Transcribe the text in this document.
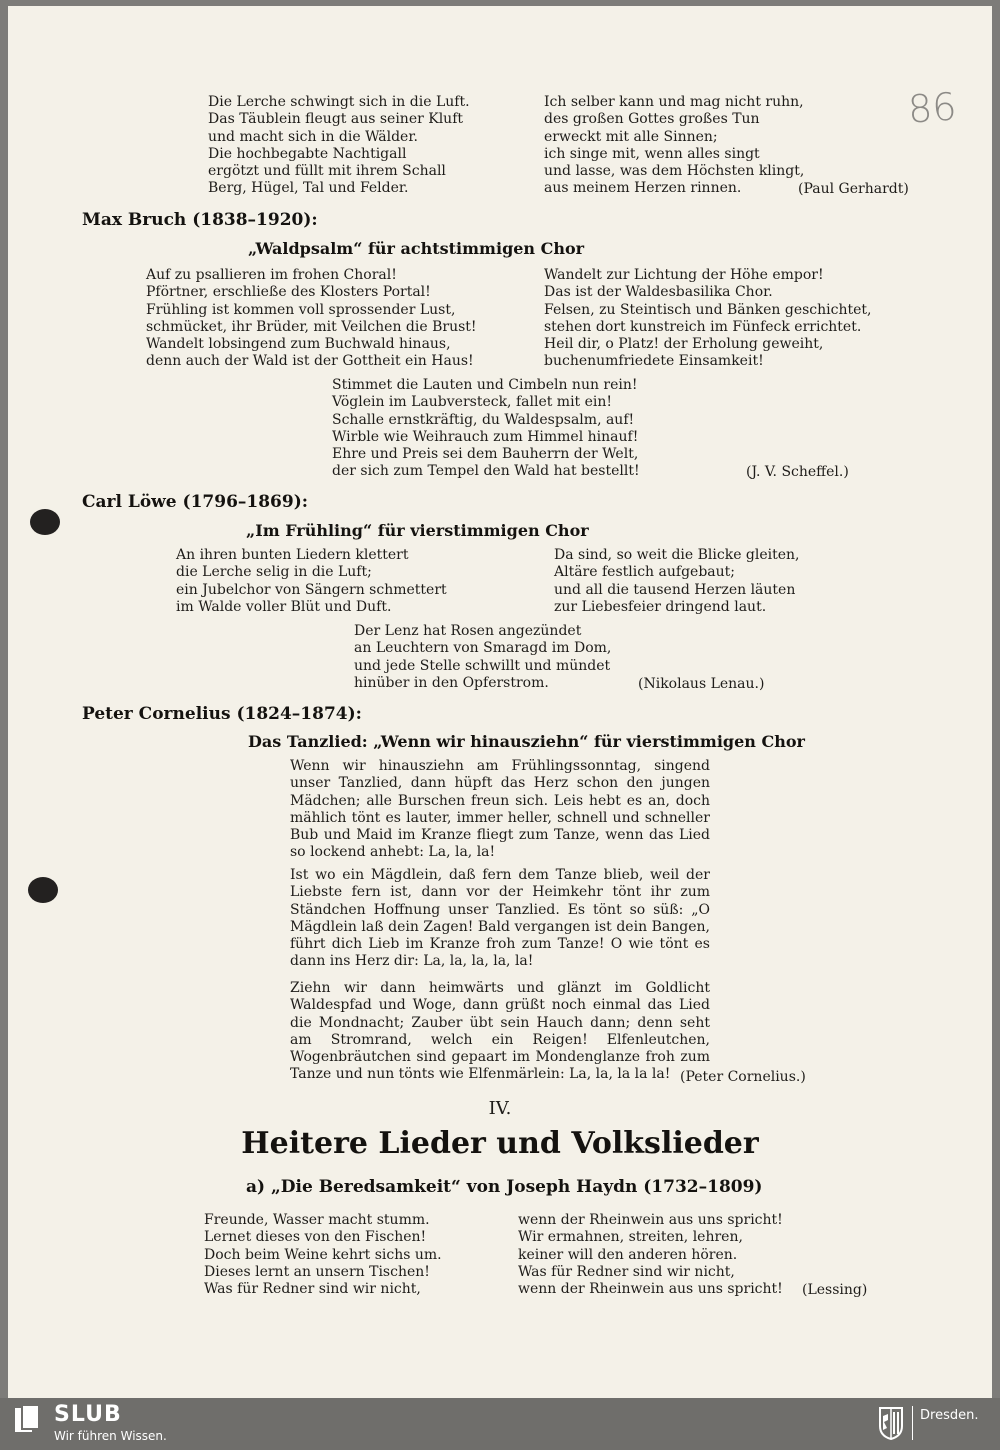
86
Die Lerche schwingt sich in die Luft.
Das Täublein fleugt aus seiner Kluft
und macht sich in die Wälder.
Die hochbegabte Nachtigall
ergötzt und füllt mit ihrem Schall
Berg, Hügel, Tal und Felder.
Ich selber kann und mag nicht ruhn,
des großen Gottes großes Tun
erweckt mit alle Sinnen;
ich singe mit, wenn alles singt
und lasse, was dem Höchsten klingt,
aus meinem Herzen rinnen.	(Paul Gerhardt)
Max Bruch (1838–1920):
„Waldpsalm“ für achtstimmigen Chor
Auf zu psallieren im frohen Choral!
Pförtner, erschließe des Klosters Portal!
Frühling ist kommen voll sprossender Lust,
schmücket, ihr Brüder, mit Veilchen die Brust!
Wandelt lobsingend zum Buchwald hinaus,
denn auch der Wald ist der Gottheit ein Haus!
Wandelt zur Lichtung der Höhe empor!
Das ist der Waldesbasilika Chor.
Felsen, zu Steintisch und Bänken geschichtet,
stehen dort kunstreich im Fünfeck errichtet.
Heil dir, o Platz! der Erholung geweiht,
buchenumfriedete Einsamkeit!
Stimmet die Lauten und Cimbeln nun rein!
Vöglein im Laubversteck, fallet mit ein!
Schalle ernstkräftig, du Waldespsalm, auf!
Wirble wie Weihrauch zum Himmel hinauf!
Ehre und Preis sei dem Bauherrn der Welt,
der sich zum Tempel den Wald hat bestellt!	(J. V. Scheffel.)
Carl Löwe (1796–1869):
„Im Frühling“ für vierstimmigen Chor
An ihren bunten Liedern klettert
die Lerche selig in die Luft;
ein Jubelchor von Sängern schmettert
im Walde voller Blüt und Duft.
Da sind, so weit die Blicke gleiten,
Altäre festlich aufgebaut;
und all die tausend Herzen läuten
zur Liebesfeier dringend laut.
Der Lenz hat Rosen angezündet
an Leuchtern von Smaragd im Dom,
und jede Stelle schwillt und mündet
hinüber in den Opferstrom.	(Nikolaus Lenau.)
Peter Cornelius (1824–1874):
Das Tanzlied: „Wenn wir hinausziehn“ für vierstimmigen Chor

Wenn wir hinausziehn am Frühlingssonntag, singend unser Tanzlied, dann hüpft das Herz schon den jungen Mädchen; alle Burschen freun sich. Leis hebt es an, doch mählich tönt es lauter, immer heller, schnell und schneller Bub und Maid im Kranze fliegt zum Tanze, wenn das Lied so lockend anhebt: La, la, la!

Ist wo ein Mägdlein, daß fern dem Tanze blieb, weil der Liebste fern ist, dann vor der Heimkehr tönt ihr zum Ständchen Hoffnung unser Tanzlied. Es tönt so süß: „O Mägdlein laß dein Zagen! Bald vergangen ist dein Bangen, führt dich Lieb im Kranze froh zum Tanze! O wie tönt es dann ins Herz dir: La, la, la, la, la!

Ziehn wir dann heimwärts und glänzt im Goldlicht Waldespfad und Woge, dann grüßt noch einmal das Lied die Mondnacht; Zauber übt sein Hauch dann; denn seht am Stromrand, welch ein Reigen! Elfenleutchen, Wogenbräutchen sind gepaart im Mondenglanze froh zum Tanze und nun tönts wie Elfenmärlein: La, la, la la la! (Peter Cornelius.)
IV.
Heitere Lieder und Volkslieder
a) „Die Beredsamkeit“ von Joseph Haydn (1732–1809)
Freunde, Wasser macht stumm.
Lernet dieses von den Fischen!
Doch beim Weine kehrt sichs um.
Dieses lernt an unsern Tischen!
Was für Redner sind wir nicht,
wenn der Rheinwein aus uns spricht!
Wir ermahnen, streiten, lehren,
keiner will den anderen hören.
Was für Redner sind wir nicht,
wenn der Rheinwein aus uns spricht! (Lessing)
SLUB
Wir führen Wissen.
Dresden.
